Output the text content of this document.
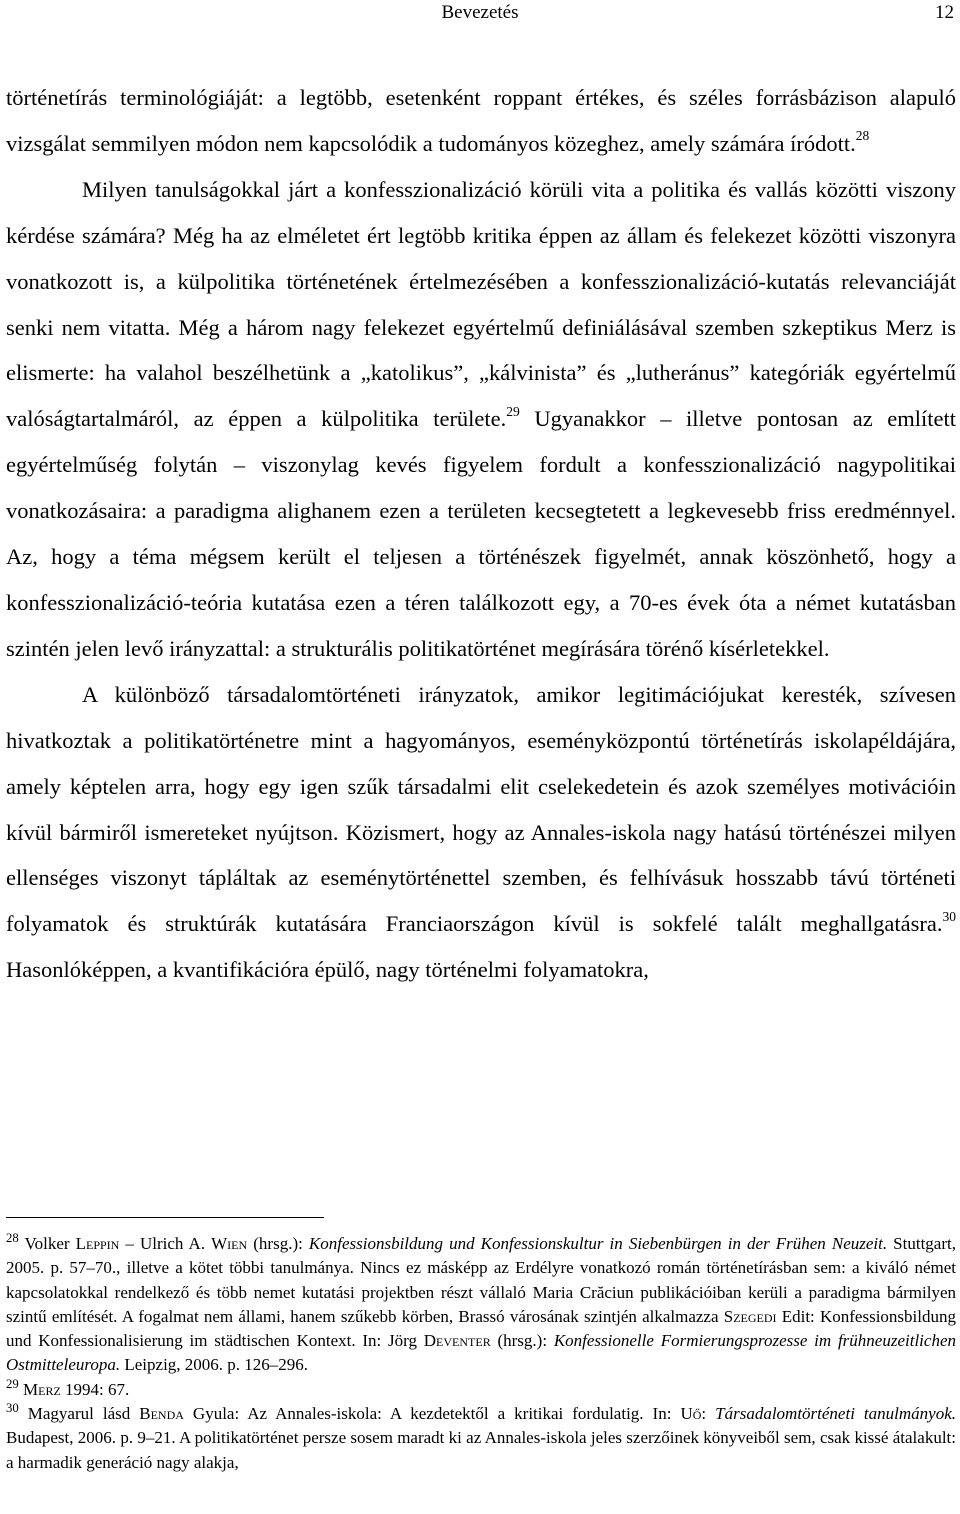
Bevezetés	12

történetírás terminológiáját: a legtöbb, esetenként roppant értékes, és széles forrásbázison alapuló vizsgálat semmilyen módon nem kapcsolódik a tudományos közeghez, amely számára íródott.$^{28}$

Milyen tanulságokkal járt a konfesszionalizáció körüli vita a politika és vallás közötti viszony kérdése számára? Még ha az elméletet ért legtöbb kritika éppen az állam és felekezet közötti viszonyra vonatkozott is, a külpolitika történetének értelmezésében a konfesszionalizáció-kutatás relevanciáját senki nem vitatta. Még a három nagy felekezet egyértelmű definiálásával szemben szkeptikus Merz is elismerte: ha valahol beszélhetünk a „katolikus”, „kálvinista” és „lutheránus” kategóriák egyértelmű valóságtartalmáról, az éppen a külpolitika területe.$^{29}$ Ugyanakkor – illetve pontosan az említett egyértelműség folytán – viszonylag kevés figyelem fordult a konfesszionalizáció nagypolitikai vonatkozásaira: a paradigma alighanem ezen a területen kecsegtetett a legkevesebb friss eredménnyel. Az, hogy a téma mégsem került el teljesen a történészek figyelmét, annak köszönhető, hogy a konfesszionalizáció-teória kutatása ezen a téren találkozott egy, a 70-es évek óta a német kutatásban szintén jelen levő irányzattal: a strukturális politikatörténet megírására törénő kísérletekkel.

A különböző társadalomtörténeti irányzatok, amikor legitimációjukat keresték, szívesen hivatkoztak a politikatörténetre mint a hagyományos, eseményközpontú történetírás iskolapéldájára, amely képtelen arra, hogy egy igen szűk társadalmi elit cselekedetein és azok személyes motivációin kívül bármiről ismereteket nyújtson. Közismert, hogy az Annales-iskola nagy hatású történészei milyen ellenséges viszonyt tápláltak az eseménytörténettel szemben, és felhívásuk hosszabb távú történeti folyamatok és struktúrák kutatására Franciaországon kívül is sokfelé talált meghallgatásra.$^{30}$ Hasonlóképpen, a kvantifikációra épülő, nagy történelmi folyamatokra,

$^{28}$ Volker Leppin – Ulrich A. Wien (hrsg.): Konfessionsbildung und Konfessionskultur in Siebenbürgen in der Frühen Neuzeit. Stuttgart, 2005. p. 57–70., illetve a kötet többi tanulmánya. Nincs ez másképp az Erdélyre vonatkozó román történetírásban sem: a kiváló német kapcsolatokkal rendelkező és több nemet kutatási projektben részt vállaló Maria Crăciun publikációiban kerüli a paradigma bármilyen szintű említését. A fogalmat nem állami, hanem szűkebb körben, Brassó városának szintjén alkalmazza Szegedi Edit: Konfessionsbildung und Konfessionalisierung im städtischen Kontext. In: Jörg Deventer (hrsg.): Konfessionelle Formierungsprozesse im frühneuzeitlichen Ostmitteleuropa. Leipzig, 2006. p. 126–296.

$^{29}$ Merz 1994: 67.

$^{30}$ Magyarul lásd Benda Gyula: Az Annales-iskola: A kezdetektől a kritikai fordulatig. In: Uő: Társadalomtörténeti tanulmányok. Budapest, 2006. p. 9–21. A politikatörténet persze sosem maradt ki az Annales-iskola jeles szerzőinek könyveiből sem, csak kissé átalakult: a harmadik generáció nagy alakja,
